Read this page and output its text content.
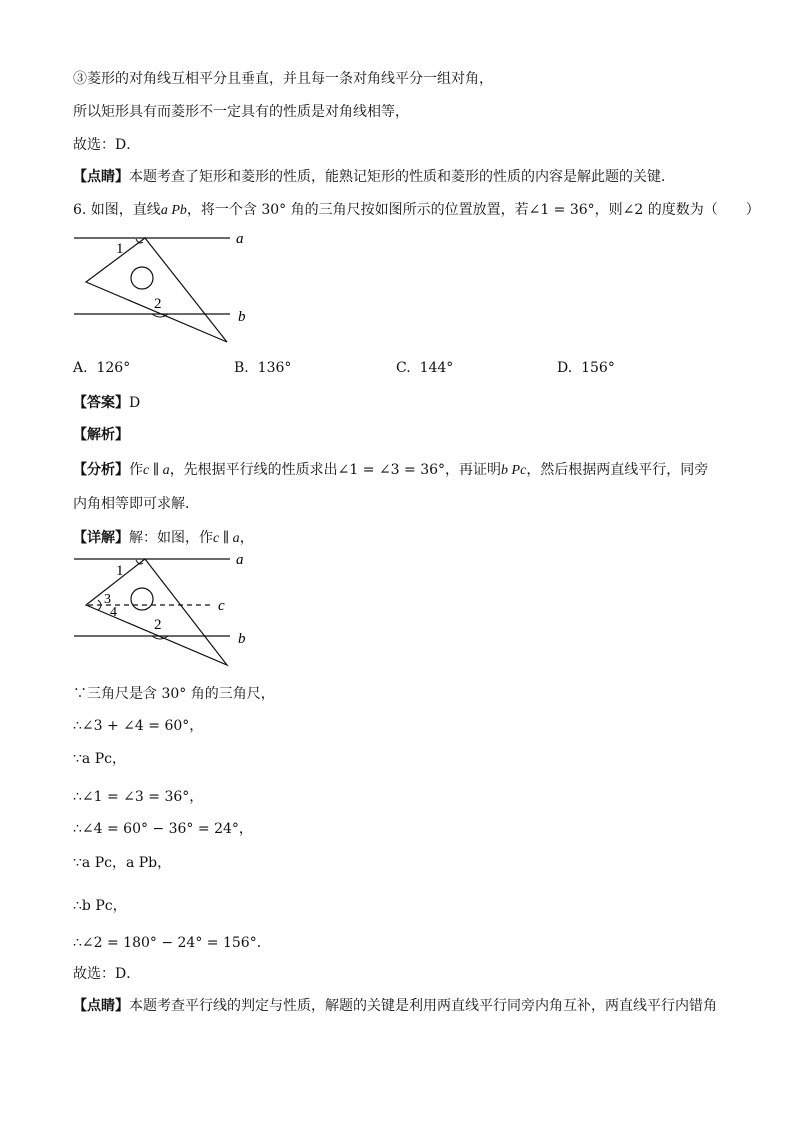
③菱形的对角线互相平分且垂直，并且每一条对角线平分一组对角，
所以矩形具有而菱形不一定具有的性质是对角线相等，
故选：D．
【点睛】本题考查了矩形和菱形的性质，能熟记矩形的性质和菱形的性质的内容是解此题的关键．
6. 如图，直线a Pb，将一个含 30° 角的三角尺按如图所示的位置放置，若∠1 = 36°，则∠2 的度数为（　　）
1
2
a
b
A. 126°	B. 136°	C. 144°	D. 156°
【答案】D
【解析】
【分析】作c ∥ a，先根据平行线的性质求出∠1 = ∠3 = 36°，再证明b Pc，然后根据两直线平行，同旁
内角相等即可求解．
【详解】解：如图，作c ∥ a，
1
3
4
2
a
c
b
∵三角尺是含 30° 角的三角尺，
∴∠3 + ∠4 = 60°，
∵a Pc，
∴∠1 = ∠3 = 36°，
∴∠4 = 60° − 36° = 24°，
∵a Pc，a Pb，
∴b Pc，
∴∠2 = 180° − 24° = 156°．
故选：D．
【点睛】本题考查平行线的判定与性质，解题的关键是利用两直线平行同旁内角互补，两直线平行内错角
